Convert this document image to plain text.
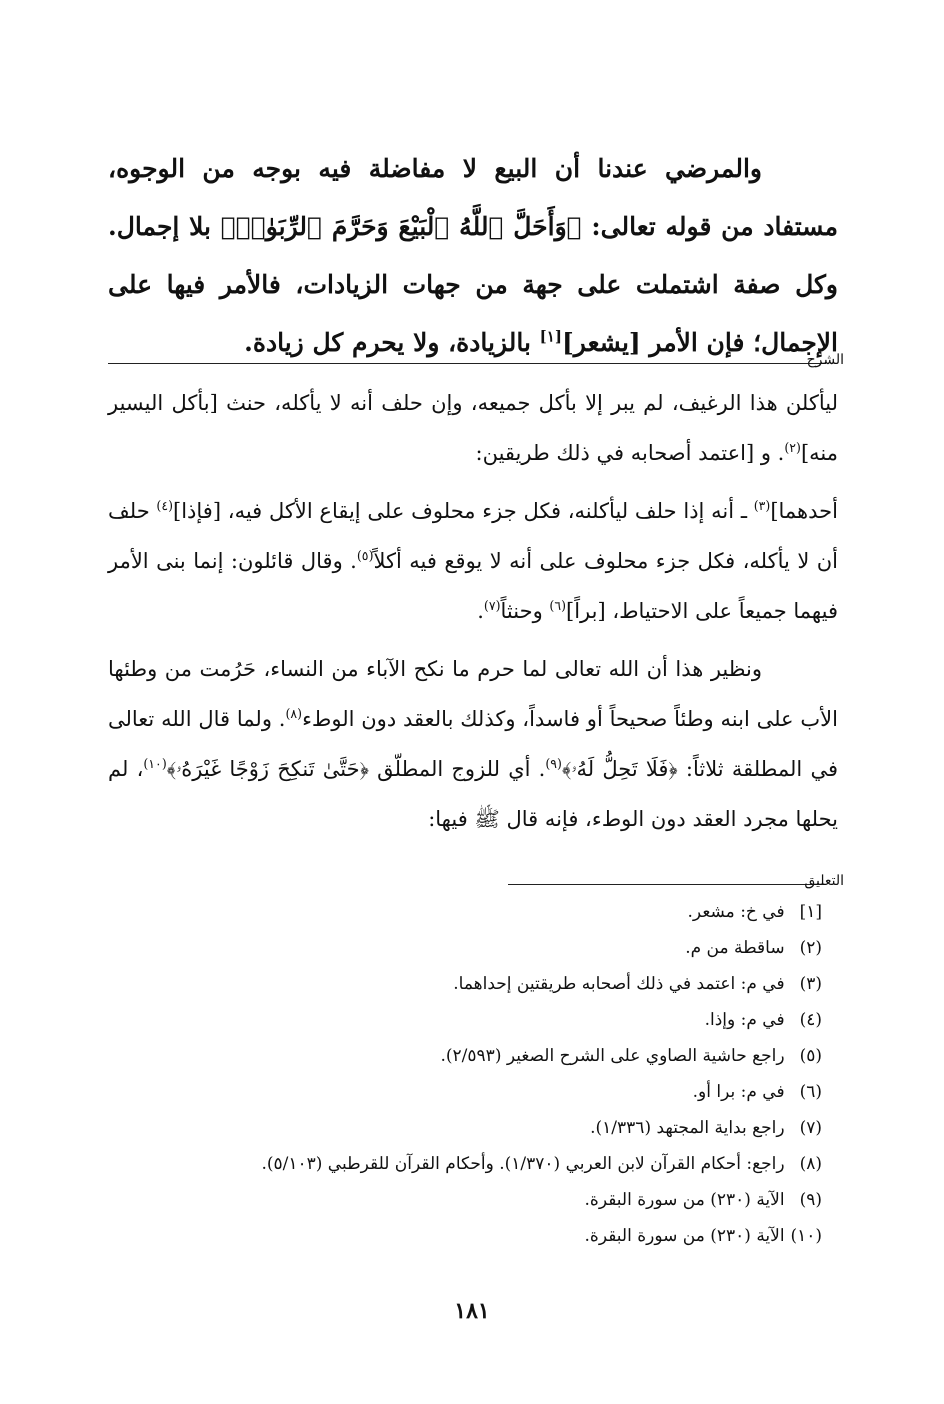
والمرضي عندنا أن البيع لا مفاضلة فيه بوجه من الوجوه، مستفاد من قوله تعالى: ﴿وَأَحَلَّ ٱللَّهُ ٱلْبَيْعَ وَحَرَّمَ ٱلرِّبَوٰا۟﴾ بلا إجمال. وكل صفة اشتملت على جهة من جهات الزيادات، فالأمر فيها على الإجمال؛ فإن الأمر [يشعر][١] بالزيادة، ولا يحرم كل زيادة.

الشرح

ليأكلن هذا الرغيف، لم يبر إلا بأكل جميعه، وإن حلف أنه لا يأكله، حنث [بأكل اليسير منه]$^{(٢)}$. و [اعتمد أصحابه في ذلك طريقين:

أحدهما]$^{(٣)}$ ـ أنه إذا حلف ليأكلنه، فكل جزء محلوف على إيقاع الأكل فيه، [فإذا]$^{(٤)}$ حلف أن لا يأكله، فكل جزء محلوف على أنه لا يوقع فيه أكلاً$^{(٥)}$. وقال قائلون: إنما بنى الأمر فيهما جميعاً على الاحتياط، [براً]$^{(٦)}$ وحنثاً$^{(٧)}$.

ونظير هذا أن الله تعالى لما حرم ما نكح الآباء من النساء، حَرُمت من وطئها الأب على ابنه وطئاً صحيحاً أو فاسداً، وكذلك بالعقد دون الوطء$^{(٨)}$. ولما قال الله تعالى في المطلقة ثلاثاً: ﴿فَلَا تَحِلُّ لَهُۥ﴾$^{(٩)}$. أي للزوج المطلّق ﴿حَتَّىٰ تَنكِحَ زَوْجًا غَيْرَهُۥ﴾$^{(١٠)}$، لم يحلها مجرد العقد دون الوطء، فإنه قال ﷺ فيها:

التعليق
[١] في خ: مشعر.
(٢) ساقطة من م.
(٣) في م: اعتمد في ذلك أصحابه طريقتين إحداهما.
(٤) في م: وإذا.
(٥) راجع حاشية الصاوي على الشرح الصغير (٢/٥٩٣).
(٦) في م: برا أو.
(٧) راجع بداية المجتهد (١/٣٣٦).
(٨) راجع: أحكام القرآن لابن العربي (١/٣٧٠). وأحكام القرآن للقرطبي (٥/١٠٣).
(٩) الآية (٢٣٠) من سورة البقرة.
(١٠) الآية (٢٣٠) من سورة البقرة.
١٨١
